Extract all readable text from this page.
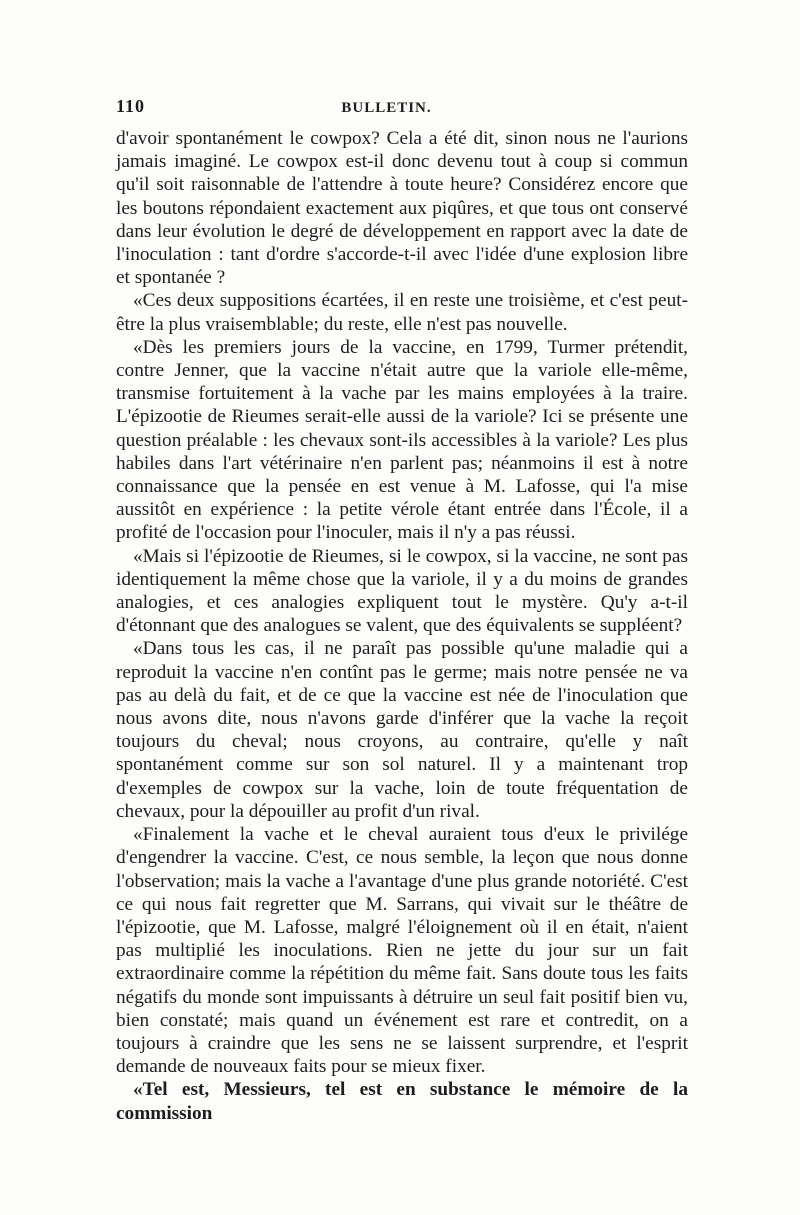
110	BULLETIN.

d'avoir spontanément le cowpox? Cela a été dit, sinon nous ne l'aurions jamais imaginé. Le cowpox est-il donc devenu tout à coup si commun qu'il soit raisonnable de l'attendre à toute heure? Considérez encore que les boutons répondaient exactement aux piqûres, et que tous ont conservé dans leur évolution le degré de développement en rapport avec la date de l'inoculation : tant d'ordre s'accorde-t-il avec l'idée d'une explosion libre et spontanée ?

«Ces deux suppositions écartées, il en reste une troisième, et c'est peut-être la plus vraisemblable; du reste, elle n'est pas nouvelle.

«Dès les premiers jours de la vaccine, en 1799, Turmer prétendit, contre Jenner, que la vaccine n'était autre que la variole elle-même, transmise fortuitement à la vache par les mains employées à la traire. L'épizootie de Rieumes serait-elle aussi de la variole? Ici se présente une question préalable : les chevaux sont-ils accessibles à la variole? Les plus habiles dans l'art vétérinaire n'en parlent pas; néanmoins il est à notre connaissance que la pensée en est venue à M. Lafosse, qui l'a mise aussitôt en expérience : la petite vérole étant entrée dans l'École, il a profité de l'occasion pour l'inoculer, mais il n'y a pas réussi.

«Mais si l'épizootie de Rieumes, si le cowpox, si la vaccine, ne sont pas identiquement la même chose que la variole, il y a du moins de grandes analogies, et ces analogies expliquent tout le mystère. Qu'y a-t-il d'étonnant que des analogues se valent, que des équivalents se suppléent?

«Dans tous les cas, il ne paraît pas possible qu'une maladie qui a reproduit la vaccine n'en contînt pas le germe; mais notre pensée ne va pas au delà du fait, et de ce que la vaccine est née de l'inoculation que nous avons dite, nous n'avons garde d'inférer que la vache la reçoit toujours du cheval; nous croyons, au contraire, qu'elle y naît spontanément comme sur son sol naturel. Il y a maintenant trop d'exemples de cowpox sur la vache, loin de toute fréquentation de chevaux, pour la dépouiller au profit d'un rival.

«Finalement la vache et le cheval auraient tous d'eux le privilége d'engendrer la vaccine. C'est, ce nous semble, la leçon que nous donne l'observation; mais la vache a l'avantage d'une plus grande notoriété. C'est ce qui nous fait regretter que M. Sarrans, qui vivait sur le théâtre de l'épizootie, que M. Lafosse, malgré l'éloignement où il en était, n'aient pas multiplié les inoculations. Rien ne jette du jour sur un fait extraordinaire comme la répétition du même fait. Sans doute tous les faits négatifs du monde sont impuissants à détruire un seul fait positif bien vu, bien constaté; mais quand un événement est rare et contredit, on a toujours à craindre que les sens ne se laissent surprendre, et l'esprit demande de nouveaux faits pour se mieux fixer.

«Tel est, Messieurs, tel est en substance le mémoire de la commission
